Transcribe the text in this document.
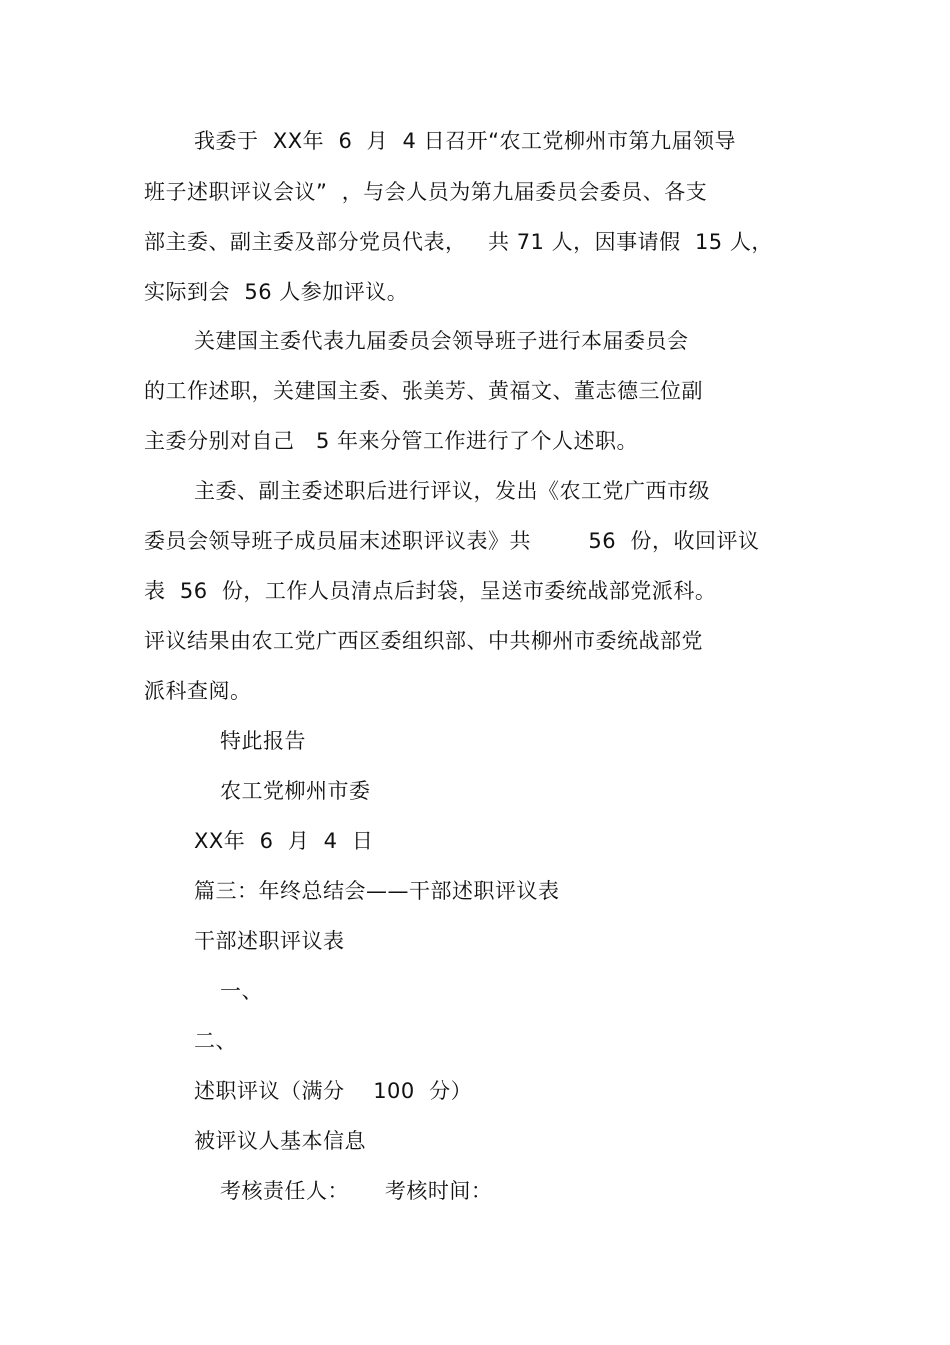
我委于  XX年  6  月  4 日召开“农工党柳州市第九届领导
班子述职评议会议”  ，与会人员为第九届委员会委员、各支
部主委、副主委及部分党员代表，   共 71 人，因事请假  15 人，
实际到会  56 人参加评议。
关建国主委代表九届委员会领导班子进行本届委员会
的工作述职，关建国主委、张美芳、黄福文、董志德三位副
主委分别对自己   5 年来分管工作进行了个人述职。
主委、副主委述职后进行评议，发出《农工党广西市级
委员会领导班子成员届末述职评议表》共        56  份，收回评议
表  56  份，工作人员清点后封袋，呈送市委统战部党派科。
评议结果由农工党广西区委组织部、中共柳州市委统战部党
派科查阅。
特此报告
农工党柳州市委
XX年  6  月  4  日
篇三：年终总结会——干部述职评议表
干部述职评议表
一、
二、
述职评议（满分    100  分）
被评议人基本信息
考核责任人：     考核时间：
